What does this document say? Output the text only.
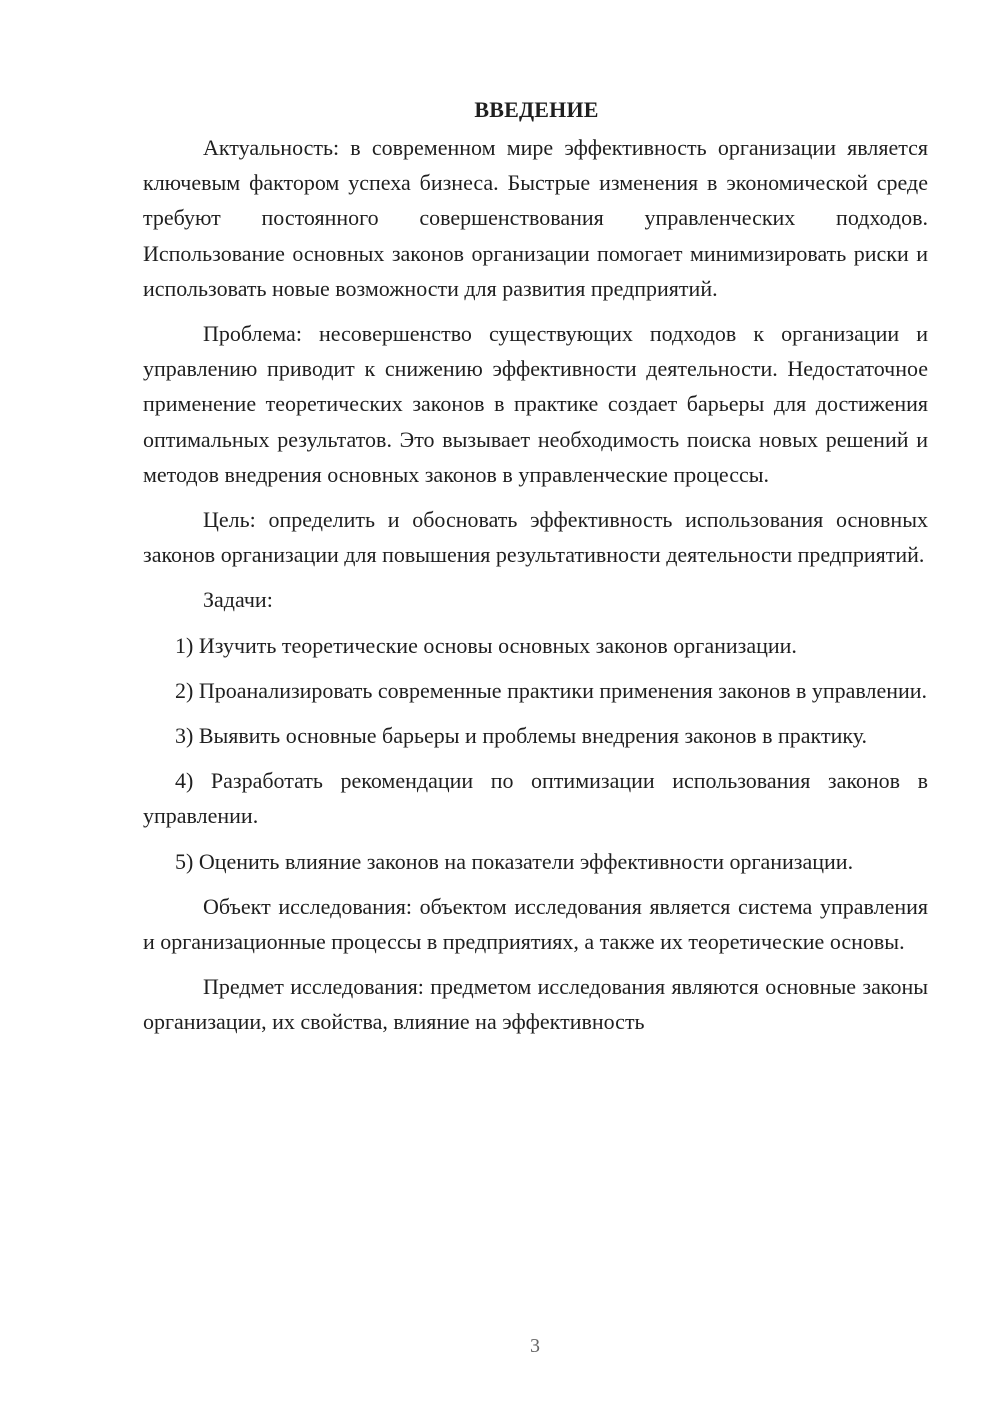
ВВЕДЕНИЕ

Актуальность: в современном мире эффективность организации является ключевым фактором успеха бизнеса. Быстрые изменения в экономической среде требуют постоянного совершенствования управленческих подходов. Использование основных законов организации помогает минимизировать риски и использовать новые возможности для развития предприятий.

Проблема: несовершенство существующих подходов к организации и управлению приводит к снижению эффективности деятельности. Недостаточное применение теоретических законов в практике создает барьеры для достижения оптимальных результатов. Это вызывает необходимость поиска новых решений и методов внедрения основных законов в управленческие процессы.

Цель: определить и обосновать эффективность использования основных законов организации для повышения результативности деятельности предприятий.

Задачи:

1) Изучить теоретические основы основных законов организации.

2) Проанализировать современные практики применения законов в управлении.

3) Выявить основные барьеры и проблемы внедрения законов в практику.

4) Разработать рекомендации по оптимизации использования законов в управлении.

5) Оценить влияние законов на показатели эффективности организации.

Объект исследования: объектом исследования является система управления и организационные процессы в предприятиях, а также их теоретические основы.

Предмет исследования: предметом исследования являются основные законы организации, их свойства, влияние на эффективность

3
